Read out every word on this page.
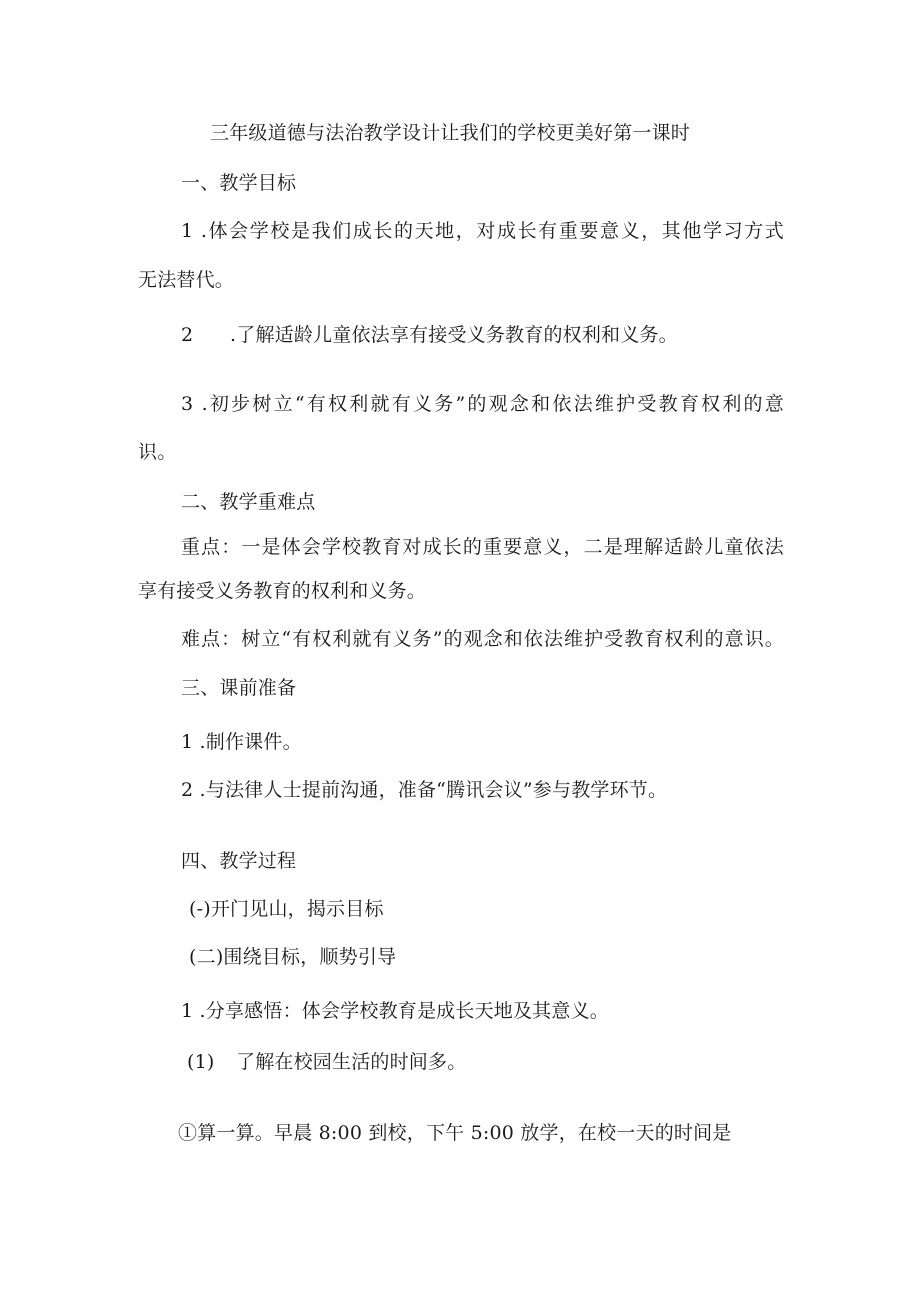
三年级道德与法治教学设计让我们的学校更美好第一课时
一、教学目标
1 .体会学校是我们成长的天地，对成长有重要意义，其他学习方式
无法替代。
2 .了解适龄儿童依法享有接受义务教育的权利和义务。
3 .初步树立“有权利就有义务”的观念和依法维护受教育权利的意
识。
二、教学重难点
重点：一是体会学校教育对成长的重要意义，二是理解适龄儿童依法
享有接受义务教育的权利和义务。
难点：树立“有权利就有义务”的观念和依法维护受教育权利的意识。
三、课前准备
1 .制作课件。
2 .与法律人士提前沟通，准备“腾讯会议”参与教学环节。
四、教学过程
(-)开门见山，揭示目标
(二)围绕目标，顺势引导
1 .分享感悟：体会学校教育是成长天地及其意义。
(1) 了解在校园生活的时间多。
①算一算。早晨 8:00 到校，下午 5:00 放学，在校一天的时间是
